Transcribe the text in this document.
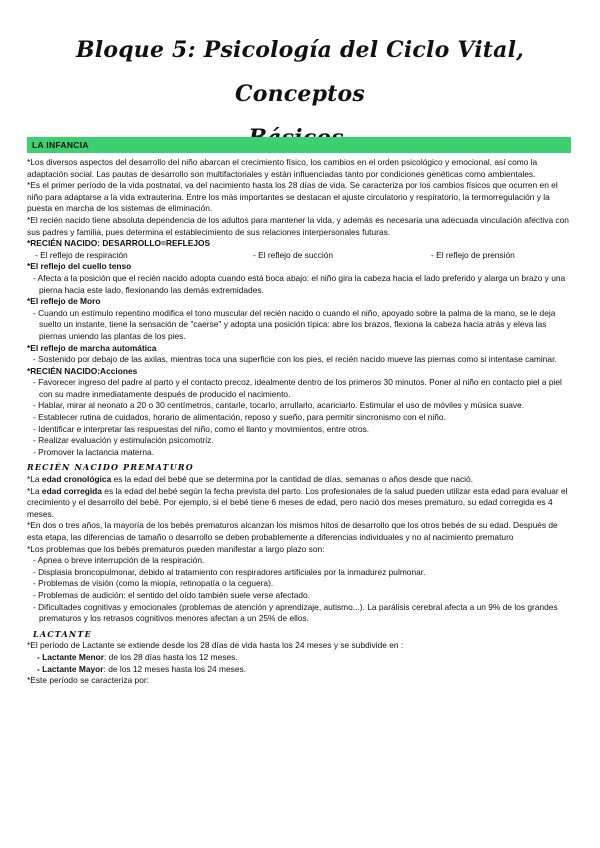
Bloque 5: Psicología del Ciclo Vital, Conceptos
LA INFANCIA

*Los diversos aspectos del desarrollo del niño abarcan el crecimiento físico, los cambios en el orden psicológico y emocional, así como la adaptación social. Las pautas de desarrollo son multifactoriales y están influenciadas tanto por condiciones genéticas como ambientales.

*Es el primer período de la vida postnatal, va del nacimiento hasta los 28 días de vida. Se caracteriza por los cambios físicos que ocurren en el niño para adaptarse a la vida extrauterina. Entre los más importantes se destacan el ajuste circulatorio y respiratorio, la termorregulación y la puesta en marcha de los sistemas de eliminación.

*El recién nacido tiene absoluta dependencia de los adultos para mantener la vida, y además es necesaria una adecuada vinculación afectiva con sus padres y familia, pues determina el establecimiento de sus relaciones interpersonales futuras.

*RECIÉN NACIDO: DESARROLLO=REFLEJOS

- El reflejo de respiración	- El reflejo de succión	- El reflejo de prensión

*El reflejo del cuello tenso

- Afecta a la posición que el recién nacido adopta cuando está boca abajo: el niño gira la cabeza hacia el lado preferido y alarga un brazo y una pierna hacia este lado, flexionando las demás extremidades.

*El reflejo de Moro

- Cuando un estímulo repentino modifica el tono muscular del recién nacido o cuando el niño, apoyado sobre la palma de la mano, se le deja suelto un instante, tiene la sensación de "caerse" y adopta una posición típica: abre los brazos, flexiona la cabeza hacia atrás y eleva las piernas uniendo las plantas de los pies.

*El reflejo de marcha automática

- Sostenido por debajo de las axilas, mientras toca una superficie con los pies, el recién nacido mueve las piernas como si intentase caminar.

*RECIÉN NACIDO:Acciones

- Favorecer ingreso del padre al parto y el contacto precoz, idealmente dentro de los primeros 30 minutos. Poner al niño en contacto piel a piel con su madre inmediatamente después de producido el nacimiento.

- Hablar, mirar al neonato a 20 o 30 centímetros, cantarle, tocarlo, arrullarlo, acariciarlo. Estimular el uso de móviles y música suave.

- Establecer rutina de cuidados, horario de alimentación, reposo y sueño, para permitir sincronismo con el niño.

- Identificar e interpretar las respuestas del niño, como el llanto y movimientos, entre otros.

- Realizar evaluación y estimulación psicomotriz.

- Promover la lactancia materna.

RECIÉN NACIDO PREMATURO

*La edad cronológica es la edad del bebé que se determina por la cantidad de días, semanas o años desde que nació.

*La edad corregida es la edad del bebé según la fecha prevista del parto. Los profesionales de la salud pueden utilizar esta edad para evaluar el crecimiento y el desarrollo del bebé. Por ejemplo, si el bebé tiene 6 meses de edad, pero nació dos meses prematuro, su edad corregida es 4 meses.

*En dos o tres años, la mayoría de los bebés prematuros alcanzan los mismos hitos de desarrollo que los otros bebés de su edad. Después de esta etapa, las diferencias de tamaño o desarrollo se deben probablemente a diferencias individuales y no al nacimiento prematuro

*Los problemas que los bebés prematuros pueden manifestar a largo plazo son:

- Apnea o breve interrupción de la respiración.

- Displasia broncopulmonar, debido al tratamiento con respiradores artificiales por la inmadurez pulmonar.

- Problemas de visión (como la miopía, retinopatía o la ceguera).

- Problemas de audición: el sentido del oído también suele verse afectado.

- Dificultades cognitivas y emocionales (problemas de atención y aprendizaje, autismo...). La parálisis cerebral afecta a un 9% de los grandes prematuros y los retrasos cognitivos menores afectan a un 25% de ellos.

LACTANTE

*El período de Lactante se extiende desde los 28 días de vida hasta los 24 meses y se subdivide en :

- Lactante Menor: de los 28 días hasta los 12 meses.

- Lactante Mayor: de los 12 meses hasta los 24 meses.

*Este período se caracteriza por:
